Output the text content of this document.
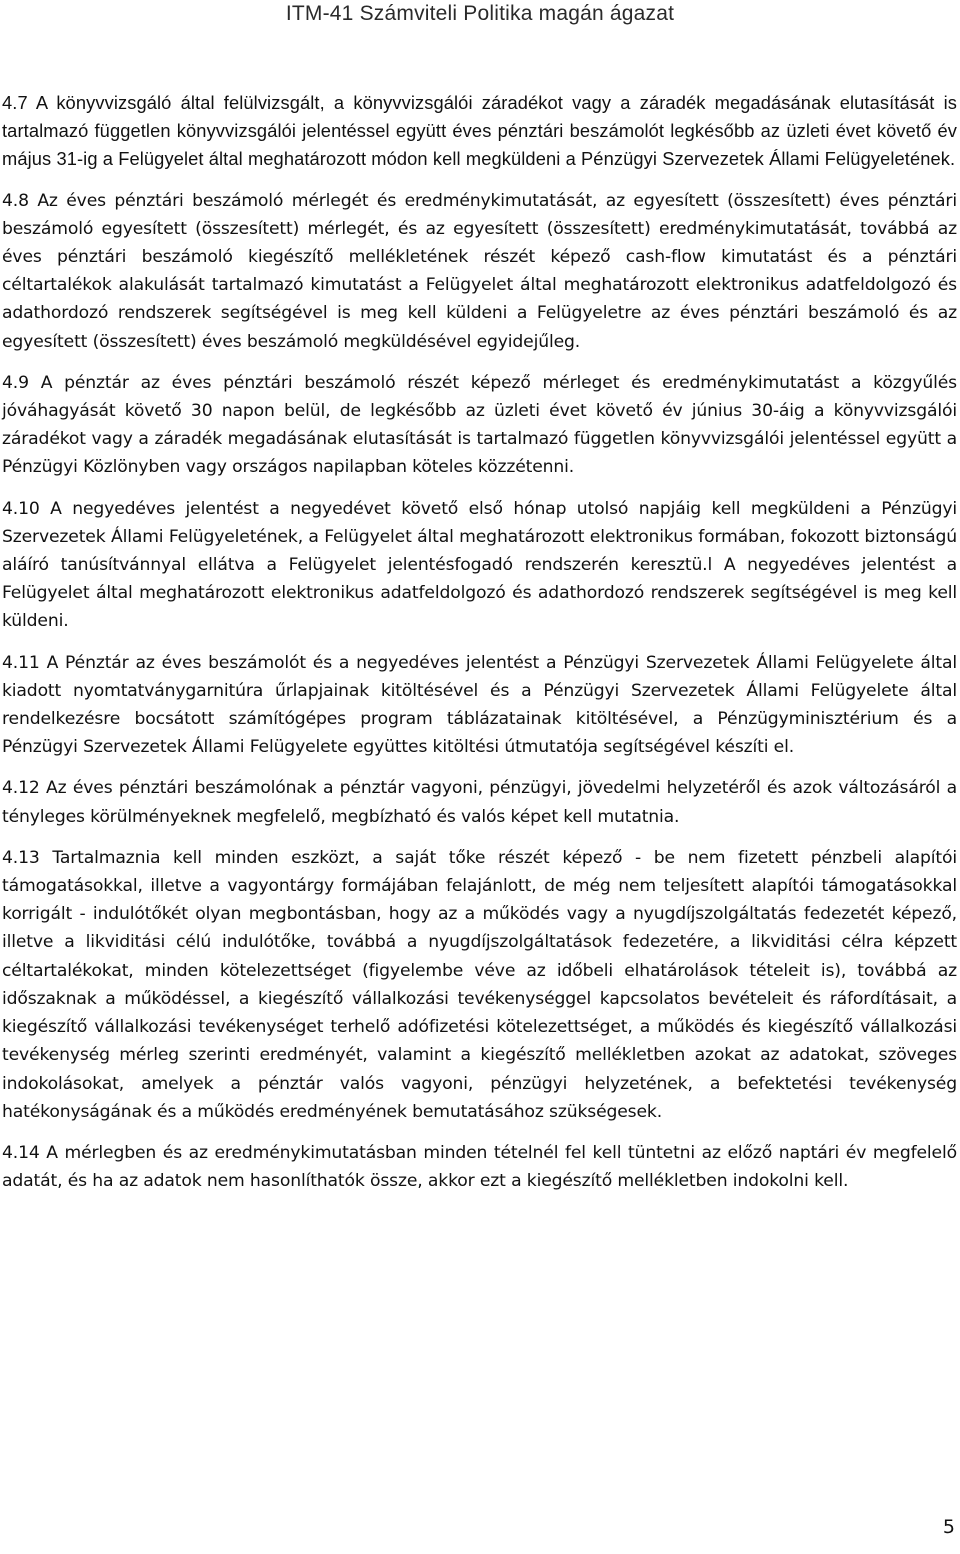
ITM-41 Számviteli Politika magán ágazat

4.7 A könyvvizsgáló által felülvizsgált, a könyvvizsgálói záradékot vagy a záradék megadásának elutasítását is tartalmazó független könyvvizsgálói jelentéssel együtt éves pénztári beszámolót legkésőbb az üzleti évet követő év május 31-ig a Felügyelet által meghatározott módon kell megküldeni a Pénzügyi Szervezetek Állami Felügyeletének.

4.8 Az éves pénztári beszámoló mérlegét és eredménykimutatását, az egyesített (összesített) éves pénztári beszámoló egyesített (összesített) mérlegét, és az egyesített (összesített) eredménykimutatását, továbbá az éves pénztári beszámoló kiegészítő mellékletének részét képező cash-flow kimutatást és a pénztári céltartalékok alakulását tartalmazó kimutatást a Felügyelet által meghatározott elektronikus adatfeldolgozó és adathordozó rendszerek segítségével is meg kell küldeni a Felügyeletre az éves pénztári beszámoló és az egyesített (összesített) éves beszámoló megküldésével egyidejűleg.

4.9 A pénztár az éves pénztári beszámoló részét képező mérleget és eredménykimutatást a közgyűlés jóváhagyását követő 30 napon belül, de legkésőbb az üzleti évet követő év június 30-áig a könyvvizsgálói záradékot vagy a záradék megadásának elutasítását is tartalmazó független könyvvizsgálói jelentéssel együtt a Pénzügyi Közlönyben vagy országos napilapban köteles közzétenni.

4.10 A negyedéves jelentést a negyedévet követő első hónap utolsó napjáig kell megküldeni a Pénzügyi Szervezetek Állami Felügyeletének, a Felügyelet által meghatározott elektronikus formában, fokozott biztonságú aláíró tanúsítvánnyal ellátva a Felügyelet jelentésfogadó rendszerén keresztü.l A negyedéves jelentést a Felügyelet által meghatározott elektronikus adatfeldolgozó és adathordozó rendszerek segítségével is meg kell küldeni.

4.11 A Pénztár az éves beszámolót és a negyedéves jelentést a Pénzügyi Szervezetek Állami Felügyelete által kiadott nyomtatványgarnitúra űrlapjainak kitöltésével és a Pénzügyi Szervezetek Állami Felügyelete által rendelkezésre bocsátott számítógépes program táblázatainak kitöltésével, a Pénzügyminisztérium és a Pénzügyi Szervezetek Állami Felügyelete együttes kitöltési útmutatója segítségével készíti el.

4.12 Az éves pénztári beszámolónak a pénztár vagyoni, pénzügyi, jövedelmi helyzetéről és azok változásáról a tényleges körülményeknek megfelelő, megbízható és valós képet kell mutatnia.

4.13 Tartalmaznia kell minden eszközt, a saját tőke részét képező - be nem fizetett pénzbeli alapítói támogatásokkal, illetve a vagyontárgy formájában felajánlott, de még nem teljesített alapítói támogatásokkal korrigált - indulótőkét olyan megbontásban, hogy az a működés vagy a nyugdíjszolgáltatás fedezetét képező, illetve a likviditási célú indulótőke, továbbá a nyugdíjszolgáltatások fedezetére, a likviditási célra képzett céltartalékokat, minden kötelezettséget (figyelembe véve az időbeli elhatárolások tételeit is), továbbá az időszaknak a működéssel, a kiegészítő vállalkozási tevékenységgel kapcsolatos bevételeit és ráfordításait, a kiegészítő vállalkozási tevékenységet terhelő adófizetési kötelezettséget, a működés és kiegészítő vállalkozási tevékenység mérleg szerinti eredményét, valamint a kiegészítő mellékletben azokat az adatokat, szöveges indokolásokat, amelyek a pénztár valós vagyoni, pénzügyi helyzetének, a befektetési tevékenység hatékonyságának és a működés eredményének bemutatásához szükségesek.

4.14 A mérlegben és az eredménykimutatásban minden tételnél fel kell tüntetni az előző naptári év megfelelő adatát, és ha az adatok nem hasonlíthatók össze, akkor ezt a kiegészítő mellékletben indokolni kell.

5
